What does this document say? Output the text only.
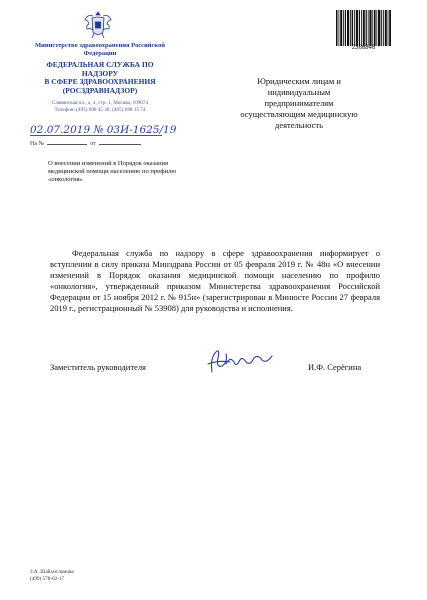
Министерство здравоохранения Российской Федерации
ФЕДЕРАЛЬНАЯ СЛУЖБА ПО НАДЗОРУ
В СФЕРЕ ЗДРАВООХРАНЕНИЯ
(РОСЗДРАВНАДЗОР)
Славянская пл., д. 4, стр. 1, Москва, 109074
Телефон: (495) 698 45 38; (495) 698 15 74
02.07.2019 № 03И-1625/19
На №	от
О внесении изменений в Порядок оказания медицинской помощи населению по профилю «онкология»
2366846
Юридическим лицам и
индивидуальным
предпринимателям
осуществляющим медицинскую
деятельность
Федеральная служба по надзору в сфере здравоохранения информирует о вступлении в силу приказа Минздрава России от 05 февраля 2019 г. № 48н «О внесении изменений в Порядок оказания медицинской помощи населению по профилю «онкология», утвержденный приказом Министерства здравоохранения Российской Федерации от 15 ноября 2012 г. № 915н» (зарегистрирован в Минюсте России 27 февраля 2019 г., регистрационный № 53908) для руководства и исполнения.
Заместитель руководителя	И.Ф. Серёгина
З.А. Шайхисламова
(499) 578-02-17
